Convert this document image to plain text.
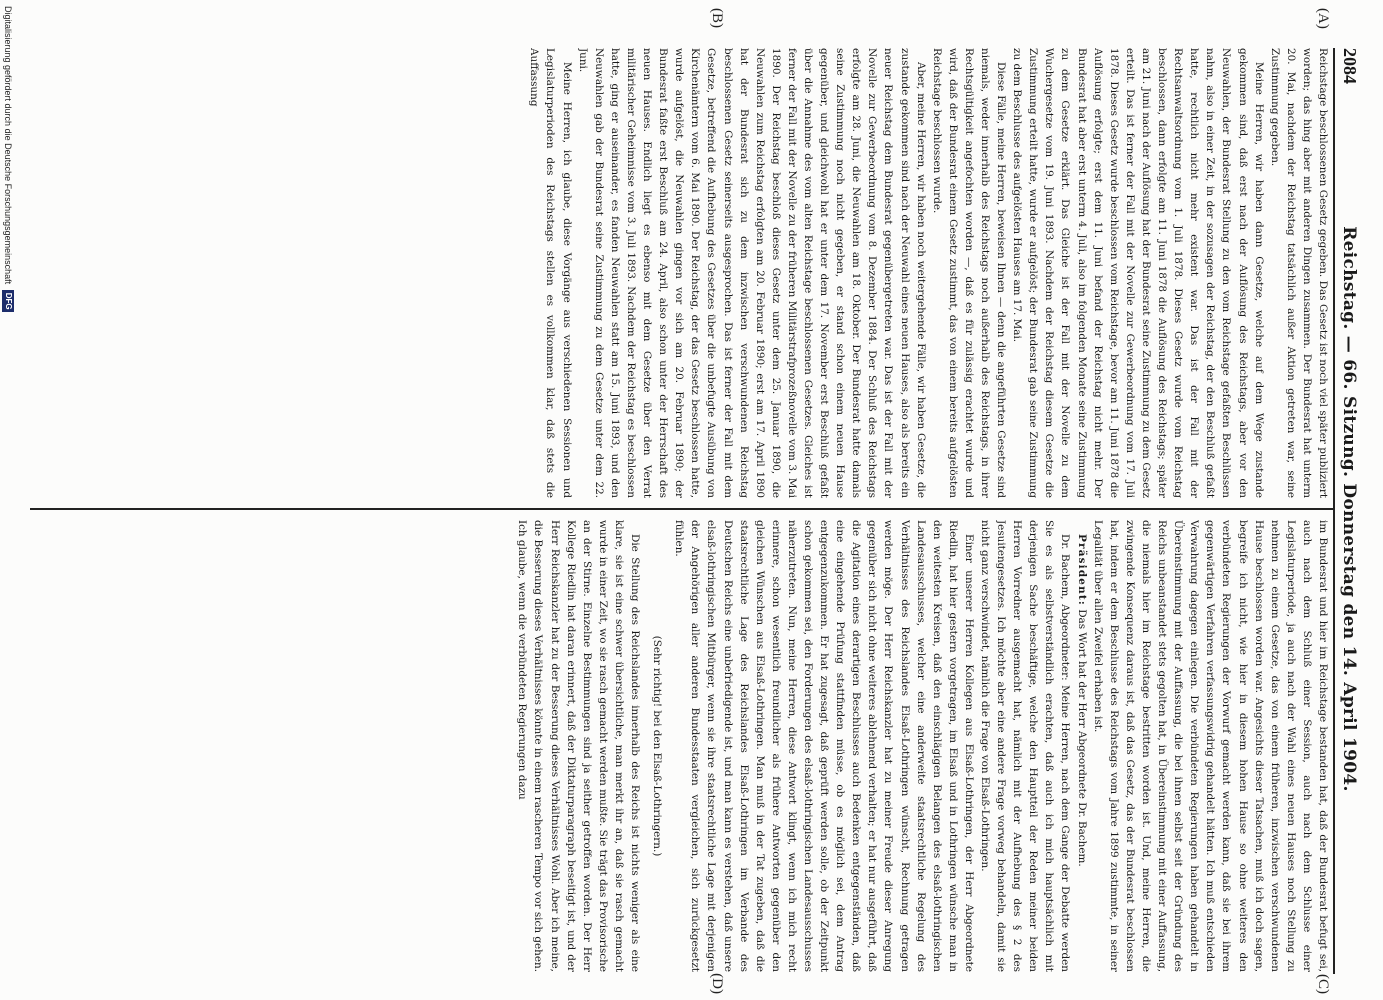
2084
Reichstag. — 66. Sitzung. Donnerstag den 14. April 1904.
(A)
(B)
(C)
(D)

Reichstage beschlossenen Gesetz gegeben. Das Gesetz ist noch viel später publiziert worden; das hing aber mit anderen Dingen zusammen. Der Bundesrat hat unterm 20. Mai, nachdem der Reichstag tatsächlich außer Aktion getreten war, seine Zustimmung gegeben.

Meine Herren, wir haben dann Gesetze, welche auf dem Wege zustande gekommen sind, daß erst nach der Auflösung des Reichstags, aber vor den Neuwahlen, der Bundesrat Stellung zu den vom Reichstage gefaßten Beschlüssen nahm, also in einer Zeit, in der sozusagen der Reichstag, der den Beschluß gefaßt hatte, rechtlich nicht mehr existent war. Das ist der Fall mit der Rechtsanwaltsordnung vom 1. Juli 1878. Dieses Gesetz wurde vom Reichstag beschlossen, dann erfolgte am 11. Juni 1878 die Auflösung des Reichstags; später am 21. Juni nach der Auflösung hat der Bundesrat seine Zustimmung zu dem Gesetz erteilt. Das ist ferner der Fall mit der Novelle zur Gewerbeordnung vom 17. Juli 1878. Dieses Gesetz wurde beschlossen vom Reichstage, bevor am 11. Juni 1878 die Auflösung erfolgte; erst dem 11. Juni befand der Reichstag nicht mehr. Der Bundesrat hat aber erst unterm 4. Juli, also im folgenden Monate seine Zustimmung zu dem Gesetze erklärt. Das Gleiche ist der Fall mit der Novelle zu dem Wuchergesetze vom 19. Juni 1893. Nachdem der Reichstag diesem Gesetze die Zustimmung erteilt hatte, wurde er aufgelöst; der Bundesrat gab seine Zustimmung zu dem Beschlusse des aufgelösten Hauses am 17. Mai.

Diese Fälle, meine Herren, beweisen Ihnen — denn die angeführten Gesetze sind niemals, weder innerhalb des Reichstags noch außerhalb des Reichstags, in ihrer Rechtsgültigkeit angefochten worden —, daß es für zulässig erachtet wurde und wird, daß der Bundesrat einem Gesetz zustimmt, das von einem bereits aufgelösten Reichstage beschlossen wurde.

Aber, meine Herren, wir haben noch weitergehende Fälle, wir haben Gesetze, die zustande gekommen sind nach der Neuwahl eines neuen Hauses, also als bereits ein neuer Reichstag dem Bundesrat gegenübergetreten war. Das ist der Fall mit der Novelle zur Gewerbeordnung vom 8. Dezember 1884. Der Schluß des Reichstags erfolgte am 28. Juni, die Neuwahlen am 18. Oktober. Der Bundesrat hatte damals seine Zustimmung noch nicht gegeben, er stand schon einem neuen Hause gegenüber, und gleichwohl hat er unter dem 17. November erst Beschluß gefaßt über die Annahme des vom alten Reichstage beschlossenen Gesetzes. Gleiches ist ferner der Fall mit der Novelle zu der früheren Militärstrafprozeßnovelle vom 3. Mai 1890. Der Reichstag beschloß dieses Gesetz unter dem 25. Januar 1890, die Neuwahlen zum Reichstag erfolgten am 20. Februar 1890; erst am 17. April 1890 hat der Bundesrat sich zu dem inzwischen verschwundenen Reichstag beschlossenen Gesetz seinerseits ausgesprochen. Das ist ferner der Fall mit dem Gesetze, betreffend die Aufhebung des Gesetzes über die unbefugte Ausübung von Kirchenämtern vom 6. Mai 1890. Der Reichstag, der das Gesetz beschlossen hatte, wurde aufgelöst, die Neuwahlen gingen vor sich am 20. Februar 1890; der Bundesrat faßte erst Beschluß am 24. April, also schon unter der Herrschaft des neuen Hauses. Endlich liegt es ebenso mit dem Gesetze über den Verrat militärischer Geheimnisse vom 3. Juli 1893. Nachdem der Reichstag es beschlossen hatte, ging er auseinander, es fanden Neuwahlen statt am 15. Juni 1893, und den Neuwahlen gab der Bundesrat seine Zustimmung zu dem Gesetze unter dem 22. Juni.

Meine Herren, ich glaube, diese Vorgänge aus verschiedenen Sessionen und Legislaturperioden des Reichstags stellen es vollkommen klar, daß stets die Auffassung

im Bundesrat und hier im Reichstage bestanden hat, daß der Bundesrat befugt sei, auch nach dem Schluß einer Session, auch nach dem Schlusse einer Legislaturperiode, ja auch nach der Wahl eines neuen Hauses noch Stellung zu nehmen zu einem Gesetze, das von einem früheren, inzwischen verschwundenen Hause beschlossen worden war. Angesichts dieser Tatsachen, muß ich doch sagen, begreife ich nicht, wie hier in diesem hohen Hause so ohne weiteres den verbündeten Regierungen der Vorwurf gemacht werden kann, daß sie bei ihrem gegenwärtigen Verfahren verfassungswidrig gehandelt hätten. Ich muß entschieden Verwahrung dagegen einlegen. Die verbündeten Regierungen haben gehandelt in Übereinstimmung mit der Auffassung, die bei ihnen selbst seit der Gründung des Reichs unbeanstandet stets gegolten hat, in Übereinstimmung mit einer Auffassung, die niemals hier im Reichstage bestritten worden ist. Und, meine Herren, die zwingende Konsequenz daraus ist, daß das Gesetz, das der Bundesrat beschlossen hat, indem er dem Beschlusse des Reichstags vom Jahre 1899 zustimmte, in seiner Legalität über allen Zweifel erhaben ist.

Präsident: Das Wort hat der Herr Abgeordnete Dr. Bachem.

Dr. Bachem, Abgeordneter: Meine Herren, nach dem Gange der Debatte werden Sie es als selbstverständlich erachten, daß auch ich mich hauptsächlich mit derjenigen Sache beschäftige, welche den Hauptteil der Reden meiner beiden Herren Vorredner ausgemacht hat, nämlich mit der Aufhebung des § 2 des Jesuitengesetzes. Ich möchte aber eine andere Frage vorweg behandeln, damit sie nicht ganz verschwindet, nämlich die Frage von Elsaß-Lothringen.

Einer unserer Herren Kollegen aus Elsaß-Lothringen, der Herr Abgeordnete Riedlin, hat hier gestern vorgetragen, im Elsaß und in Lothringen wünsche man in den weitesten Kreisen, daß den einschlägigen Belangen des elsaß-lothringischen Landesausschusses, welcher eine anderweite staatsrechtliche Regelung des Verhältnisses des Reichslandes Elsaß-Lothringen wünscht, Rechnung getragen werden möge. Der Herr Reichskanzler hat zu meiner Freude dieser Anregung gegenüber sich nicht ohne weiteres ablehnend verhalten; er hat nur ausgeführt, daß die Agitation eines derartigen Beschlusses auch Bedenken entgegenständen, daß eine eingehende Prüfung stattfinden müsse, ob es möglich sei, dem Antrag entgegenzukommen. Er hat zugesagt, daß geprüft werden solle, ob der Zeitpunkt schon gekommen sei, den Forderungen des elsaß-lothringischen Landesausschusses näherzutreten. Nun, meine Herren, diese Antwort klingt, wenn ich mich recht erinnere, schon wesentlich freundlicher als frühere Antworten gegenüber den gleichen Wünschen aus Elsaß-Lothringen. Man muß in der Tat zugeben, daß die staatsrechtliche Lage des Reichslandes Elsaß-Lothringen im Verbande des Deutschen Reichs eine unbefriedigende ist, und man kann es verstehen, daß unsere elsaß-lothringischen Mitbürger, wenn sie ihre staatsrechtliche Lage mit derjenigen der Angehörigen aller anderen Bundesstaaten vergleichen, sich zurückgesetzt fühlen.

(Sehr richtig! bei den Elsaß-Lothringern.)

Die Stellung des Reichslandes innerhalb des Reichs ist nichts weniger als eine klare, sie ist eine schwer übersichtliche, man merkt ihr an, daß sie rasch gemacht wurde in einer Zeit, wo sie rasch gemacht werden mußte. Sie trägt das Provisorische an der Stirne. Einzelne Bestimmungen sind ja seither getroffen worden. Der Herr Kollege Riedlin hat daran erinnert, daß der Diktaturparagraph beseitigt ist, und der Herr Reichskanzler hat zu der Besserung dieses Verhältnisses Wohl. Aber ich meine, die Besserung dieses Verhältnisses könnte in einem rascheren Tempo vor sich gehen. Ich glaube, wenn die verbündeten Regierungen dazu

Digitalisierung gefördert durch die Deutsche Forschungsgemeinschaft
DFG
